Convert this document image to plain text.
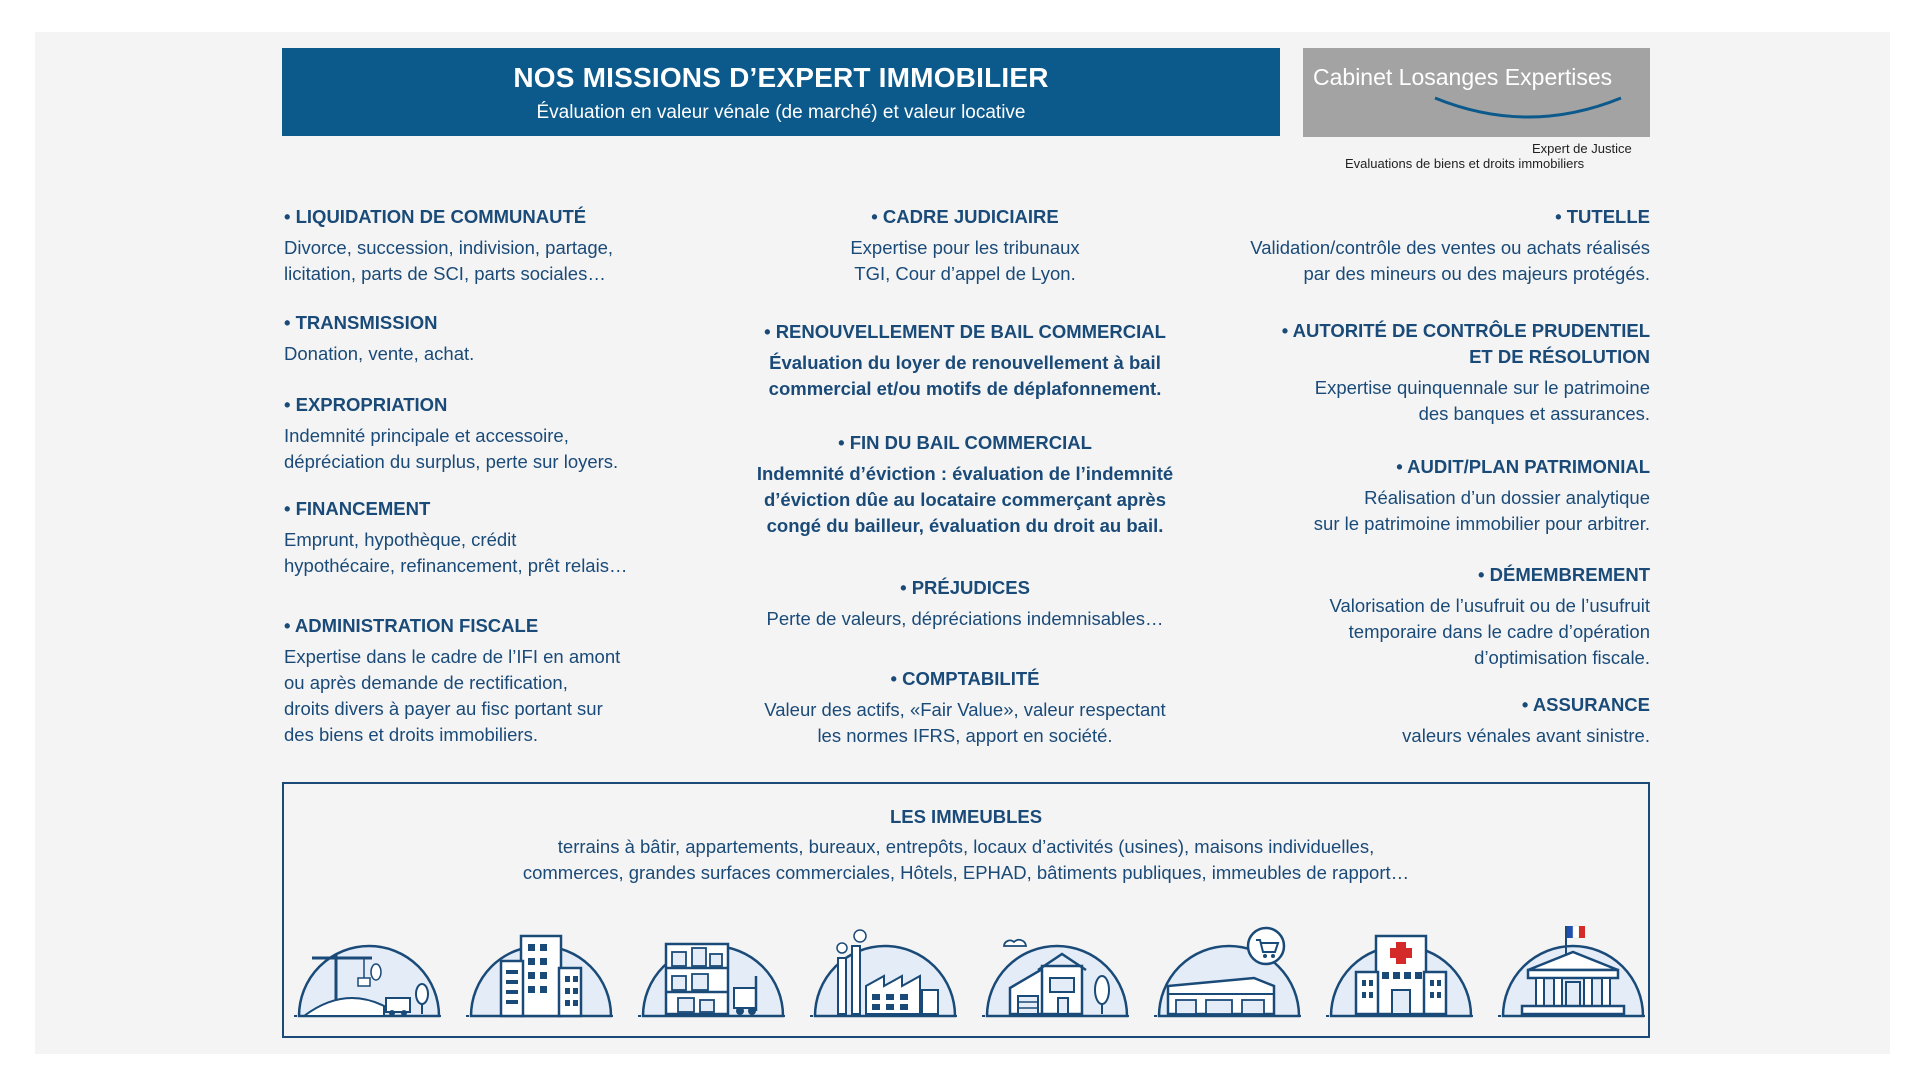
NOS MISSIONS D’EXPERT IMMOBILIER
Évaluation en valeur vénale (de marché) et valeur locative
Cabinet Losanges Expertises
Expert de Justice
Evaluations de biens et droits immobiliers
• LIQUIDATION DE COMMUNAUTÉ

Divorce, succession, indivision, partage,
licitation, parts de SCI, parts sociales…

• TRANSMISSION

Donation, vente, achat.

• EXPROPRIATION

Indemnité principale et accessoire,
dépréciation du surplus, perte sur loyers.

• FINANCEMENT

Emprunt, hypothèque, crédit
hypothécaire, refinancement, prêt relais…

• ADMINISTRATION FISCALE

Expertise dans le cadre de l’IFI en amont
ou après demande de rectification,
droits divers à payer au fisc portant sur
des biens et droits immobiliers.

• CADRE JUDICIAIRE

Expertise pour les tribunaux
TGI, Cour d’appel de Lyon.

• RENOUVELLEMENT DE BAIL COMMERCIAL

Évaluation du loyer de renouvellement à bail
commercial et/ou motifs de déplafonnement.

• FIN DU BAIL COMMERCIAL

Indemnité d’éviction : évaluation de l’indemnité
d’éviction dûe au locataire commerçant après
congé du bailleur, évaluation du droit au bail.

• PRÉJUDICES

Perte de valeurs, dépréciations indemnisables…

• COMPTABILITÉ

Valeur des actifs, «Fair Value», valeur respectant
les normes IFRS, apport en société.

• TUTELLE

Validation/contrôle des ventes ou achats réalisés
par des mineurs ou des majeurs protégés.

• AUTORITÉ DE CONTRÔLE PRUDENTIEL
ET DE RÉSOLUTION

Expertise quinquennale sur le patrimoine
des banques et assurances.

• AUDIT/PLAN PATRIMONIAL

Réalisation d’un dossier analytique
sur le patrimoine immobilier pour arbitrer.

• DÉMEMBREMENT

Valorisation de l’usufruit ou de l’usufruit
temporaire dans le cadre d’opération
d’optimisation fiscale.

• ASSURANCE

valeurs vénales avant sinistre.

LES IMMEUBLES
terrains à bâtir, appartements, bureaux, entrepôts, locaux d’activités (usines), maisons individuelles,
commerces, grandes surfaces commerciales, Hôtels, EPHAD, bâtiments publiques, immeubles de rapport…
